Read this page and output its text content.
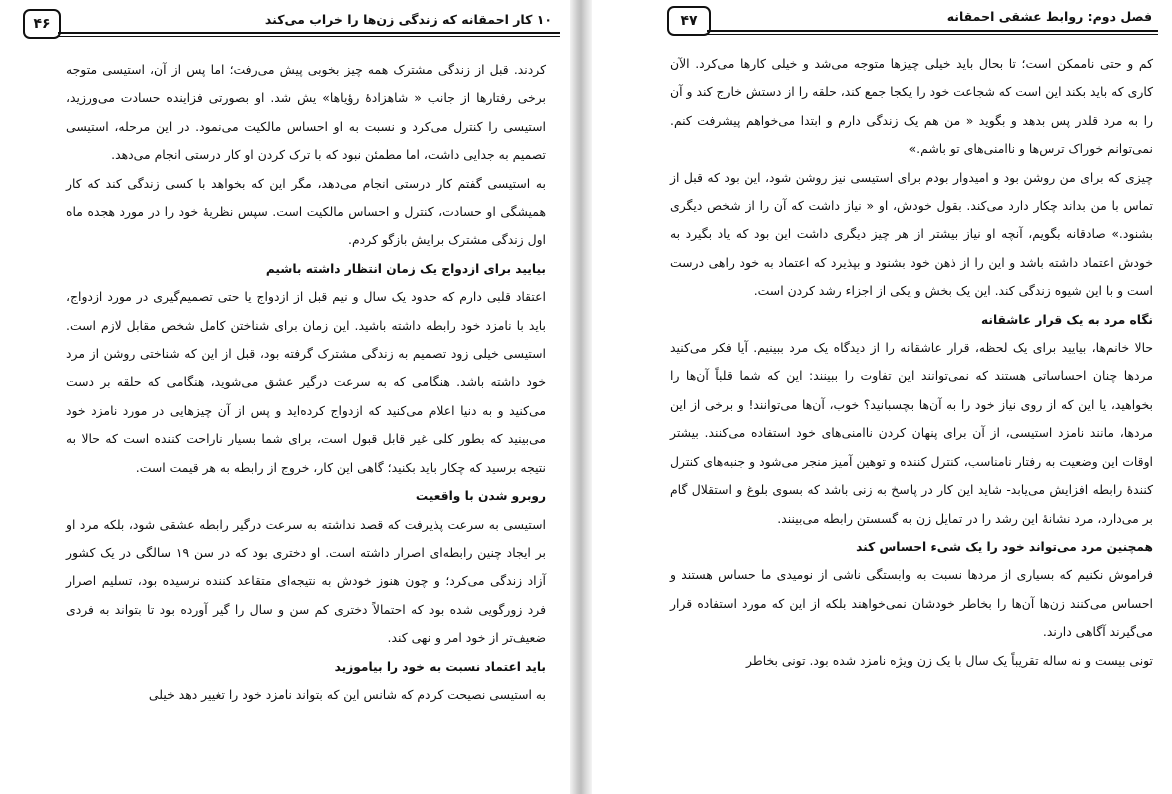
۴۶	۱۰ کار احمقانه که زندگی زن‌ها را خراب می‌کند

کردند. قبل از زندگی مشترک همه چیز بخوبی پیش می‌رفت؛ اما پس از آن، استیسی متوجه برخی رفتارها از جانب « شاهزادهٔ رؤیاها» یش شد. او بصورتی فزاینده حسادت می‌ورزید، استیسی را کنترل می‌کرد و نسبت به او احساس مالکیت می‌نمود. در این مرحله، استیسی تصمیم به جدایی داشت، اما مطمئن نبود که با ترک کردن او کار درستی انجام می‌دهد.

به استیسی گفتم کار درستی انجام می‌دهد، مگر این که بخواهد با کسی زندگی کند که کار همیشگی او حسادت، کنترل و احساس مالکیت است. سپس نظریهٔ خود را در مورد هجده ماه اول زندگی مشترک برایش بازگو کردم.

بیایید برای ازدواج یک زمان انتظار داشته باشیم

اعتقاد قلبی دارم که حدود یک سال و نیم قبل از ازدواج یا حتی تصمیم‌گیری در مورد ازدواج، باید با نامزد خود رابطه داشته باشید. این زمان برای شناختن کامل شخص مقابل لازم است. استیسی خیلی زود تصمیم به زندگی مشترک گرفته بود، قبل از این که شناختی روشن از مرد خود داشته باشد. هنگامی که به سرعت درگیر عشق می‌شوید، هنگامی که حلقه بر دست می‌کنید و به دنیا اعلام می‌کنید که ازدواج کرده‌اید و پس از آن چیزهایی در مورد نامزد خود می‌بینید که بطور کلی غیر قابل قبول است، برای شما بسیار ناراحت کننده است که حالا به نتیجه برسید که چکار باید بکنید؛ گاهی این کار، خروج از رابطه به هر قیمت است.

روبرو شدن با واقعیت

استیسی به سرعت پذیرفت که قصد نداشته به سرعت درگیر رابطه عشقی شود، بلکه مرد او بر ایجاد چنین رابطه‌ای اصرار داشته است. او دختری بود که در سن ۱۹ سالگی در یک کشور آزاد زندگی می‌کرد؛ و چون هنوز خودش به نتیجه‌ای متقاعد کننده نرسیده بود، تسلیم اصرار فرد زورگویی شده بود که احتمالاً دختری کم سن و سال را گیر آورده بود تا بتواند به فردی ضعیف‌تر از خود امر و نهی کند.

باید اعتماد نسبت به خود را بیاموزید

به استیسی نصیحت کردم که شانس این که بتواند نامزد خود را تغییر دهد خیلی

۴۷	فصل دوم: روابط عشقی احمقانه

کم و حتی ناممکن است؛ تا بحال باید خیلی چیزها متوجه می‌شد و خیلی کارها می‌کرد. الآن کاری که باید بکند این است که شجاعت خود را یکجا جمع کند، حلقه را از دستش خارج کند و آن را به مرد قلدر پس بدهد و بگوید « من هم یک زندگی دارم و ابتدا می‌خواهم پیشرفت کنم. نمی‌توانم خوراک ترس‌ها و ناامنی‌های تو باشم.»

چیزی که برای من روشن بود و امیدوار بودم برای استیسی نیز روشن شود، این بود که قبل از تماس با من بداند چکار دارد می‌کند. بقول خودش، او « نیاز داشت که آن را از شخص دیگری بشنود.» صادقانه بگویم، آنچه او نیاز بیشتر از هر چیز دیگری داشت این بود که یاد بگیرد به خودش اعتماد داشته باشد و این را از ذهن خود بشنود و بپذیرد که اعتماد به خود راهی درست است و با این شیوه زندگی کند. این یک بخش و یکی از اجزاء رشد کردن است.

نگاه مرد به یک قرار عاشقانه

حالا خانم‌ها، بیایید برای یک لحظه، قرار عاشقانه را از دیدگاه یک مرد ببینیم. آیا فکر می‌کنید مردها چنان احساساتی هستند که نمی‌توانند این تفاوت را ببینند: این که شما قلباً آن‌ها را بخواهید، یا این که از روی نیاز خود را به آن‌ها بچسبانید؟ خوب، آن‌ها می‌توانند! و برخی از این مردها، مانند نامزد استیسی، از آن برای پنهان کردن ناامنی‌های خود استفاده می‌کنند. بیشتر اوقات این وضعیت به رفتار نامناسب، کنترل کننده و توهین آمیز منجر می‌شود و جنبه‌های کنترل کنندهٔ رابطه افزایش می‌یابد- شاید این کار در پاسخ به زنی باشد که بسوی بلوغ و استقلال گام بر می‌دارد، مرد نشانهٔ این رشد را در تمایل زن به گسستن رابطه می‌بینند.

همچنین مرد می‌تواند خود را یک شیء احساس کند

فراموش نکنیم که بسیاری از مردها نسبت به وابستگی ناشی از نومیدی ما حساس هستند و احساس می‌کنند زن‌ها آن‌ها را بخاطر خودشان نمی‌خواهند بلکه از این که مورد استفاده قرار می‌گیرند آگاهی دارند.

تونی بیست و نه ساله تقریباً یک سال با یک زن ویژه نامزد شده بود. تونی بخاطر
